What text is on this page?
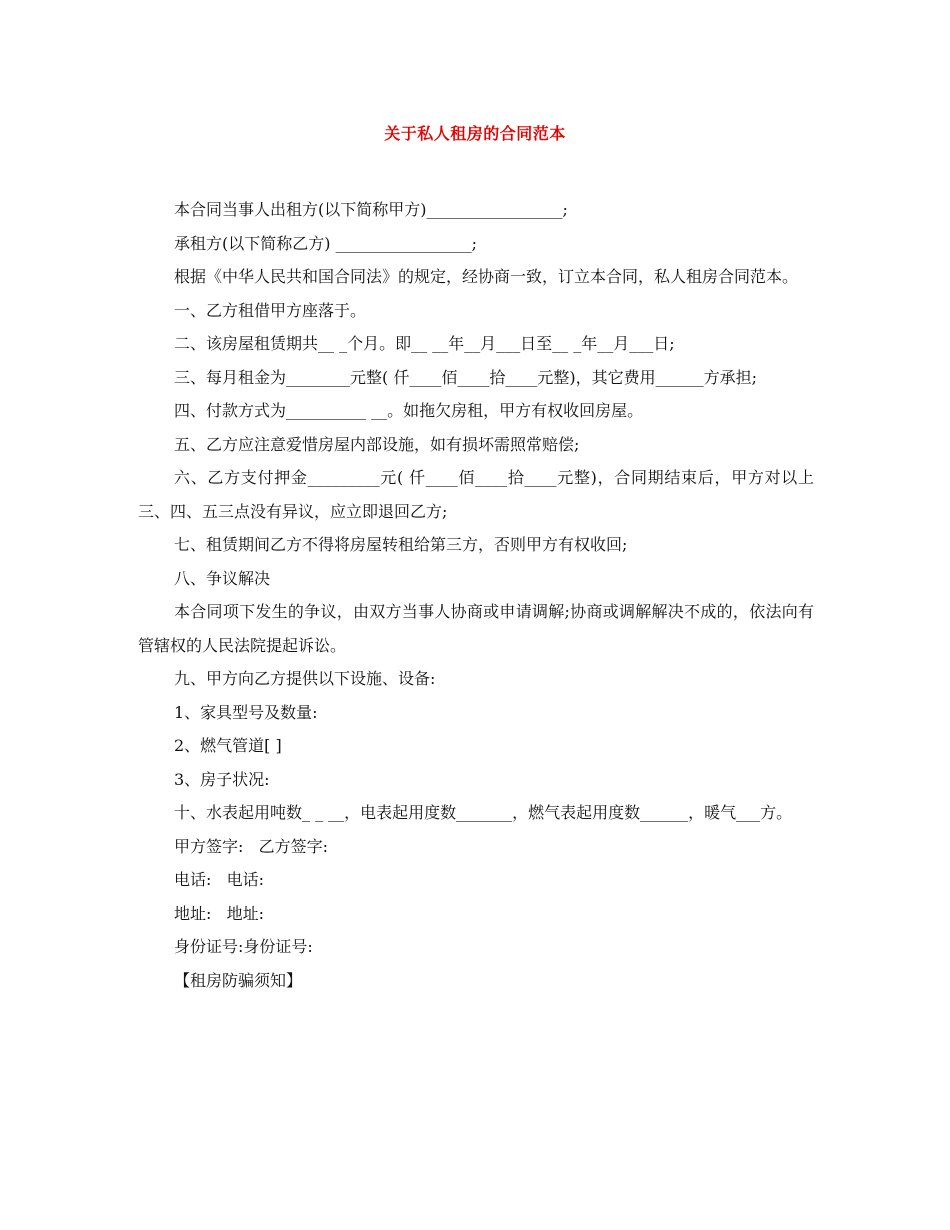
关于私人租房的合同范本

本合同当事人出租方(以下简称甲方)_________________;

承租方(以下简称乙方) _________________;

根据《中华人民共和国合同法》的规定，经协商一致，订立本合同，私人租房合同范本。

一、乙方租借甲方座落于。

二、该房屋租赁期共__ _个月。即__ __年__月___日至__ _年__月___日;

三、每月租金为________元整( 仟____佰____拾____元整)，其它费用______方承担;

四、付款方式为__________ __。如拖欠房租，甲方有权收回房屋。

五、乙方应注意爱惜房屋内部设施，如有损坏需照常赔偿;

六、乙方支付押金_________元( 仟____佰____拾____元整)，合同期结束后，甲方对以上三、四、五三点没有异议，应立即退回乙方;

七、租赁期间乙方不得将房屋转租给第三方，否则甲方有权收回;

八、争议解决

本合同项下发生的争议，由双方当事人协商或申请调解;协商或调解解决不成的，依法向有管辖权的人民法院提起诉讼。

九、甲方向乙方提供以下设施、设备:

1、家具型号及数量:

2、燃气管道[ ]

3、房子状况:

十、水表起用吨数_ _ __，电表起用度数_______，燃气表起用度数______，暖气___方。

甲方签字:   乙方签字:

电话:   电话:

地址:   地址:

身份证号:身份证号:

【租房防骗须知】
